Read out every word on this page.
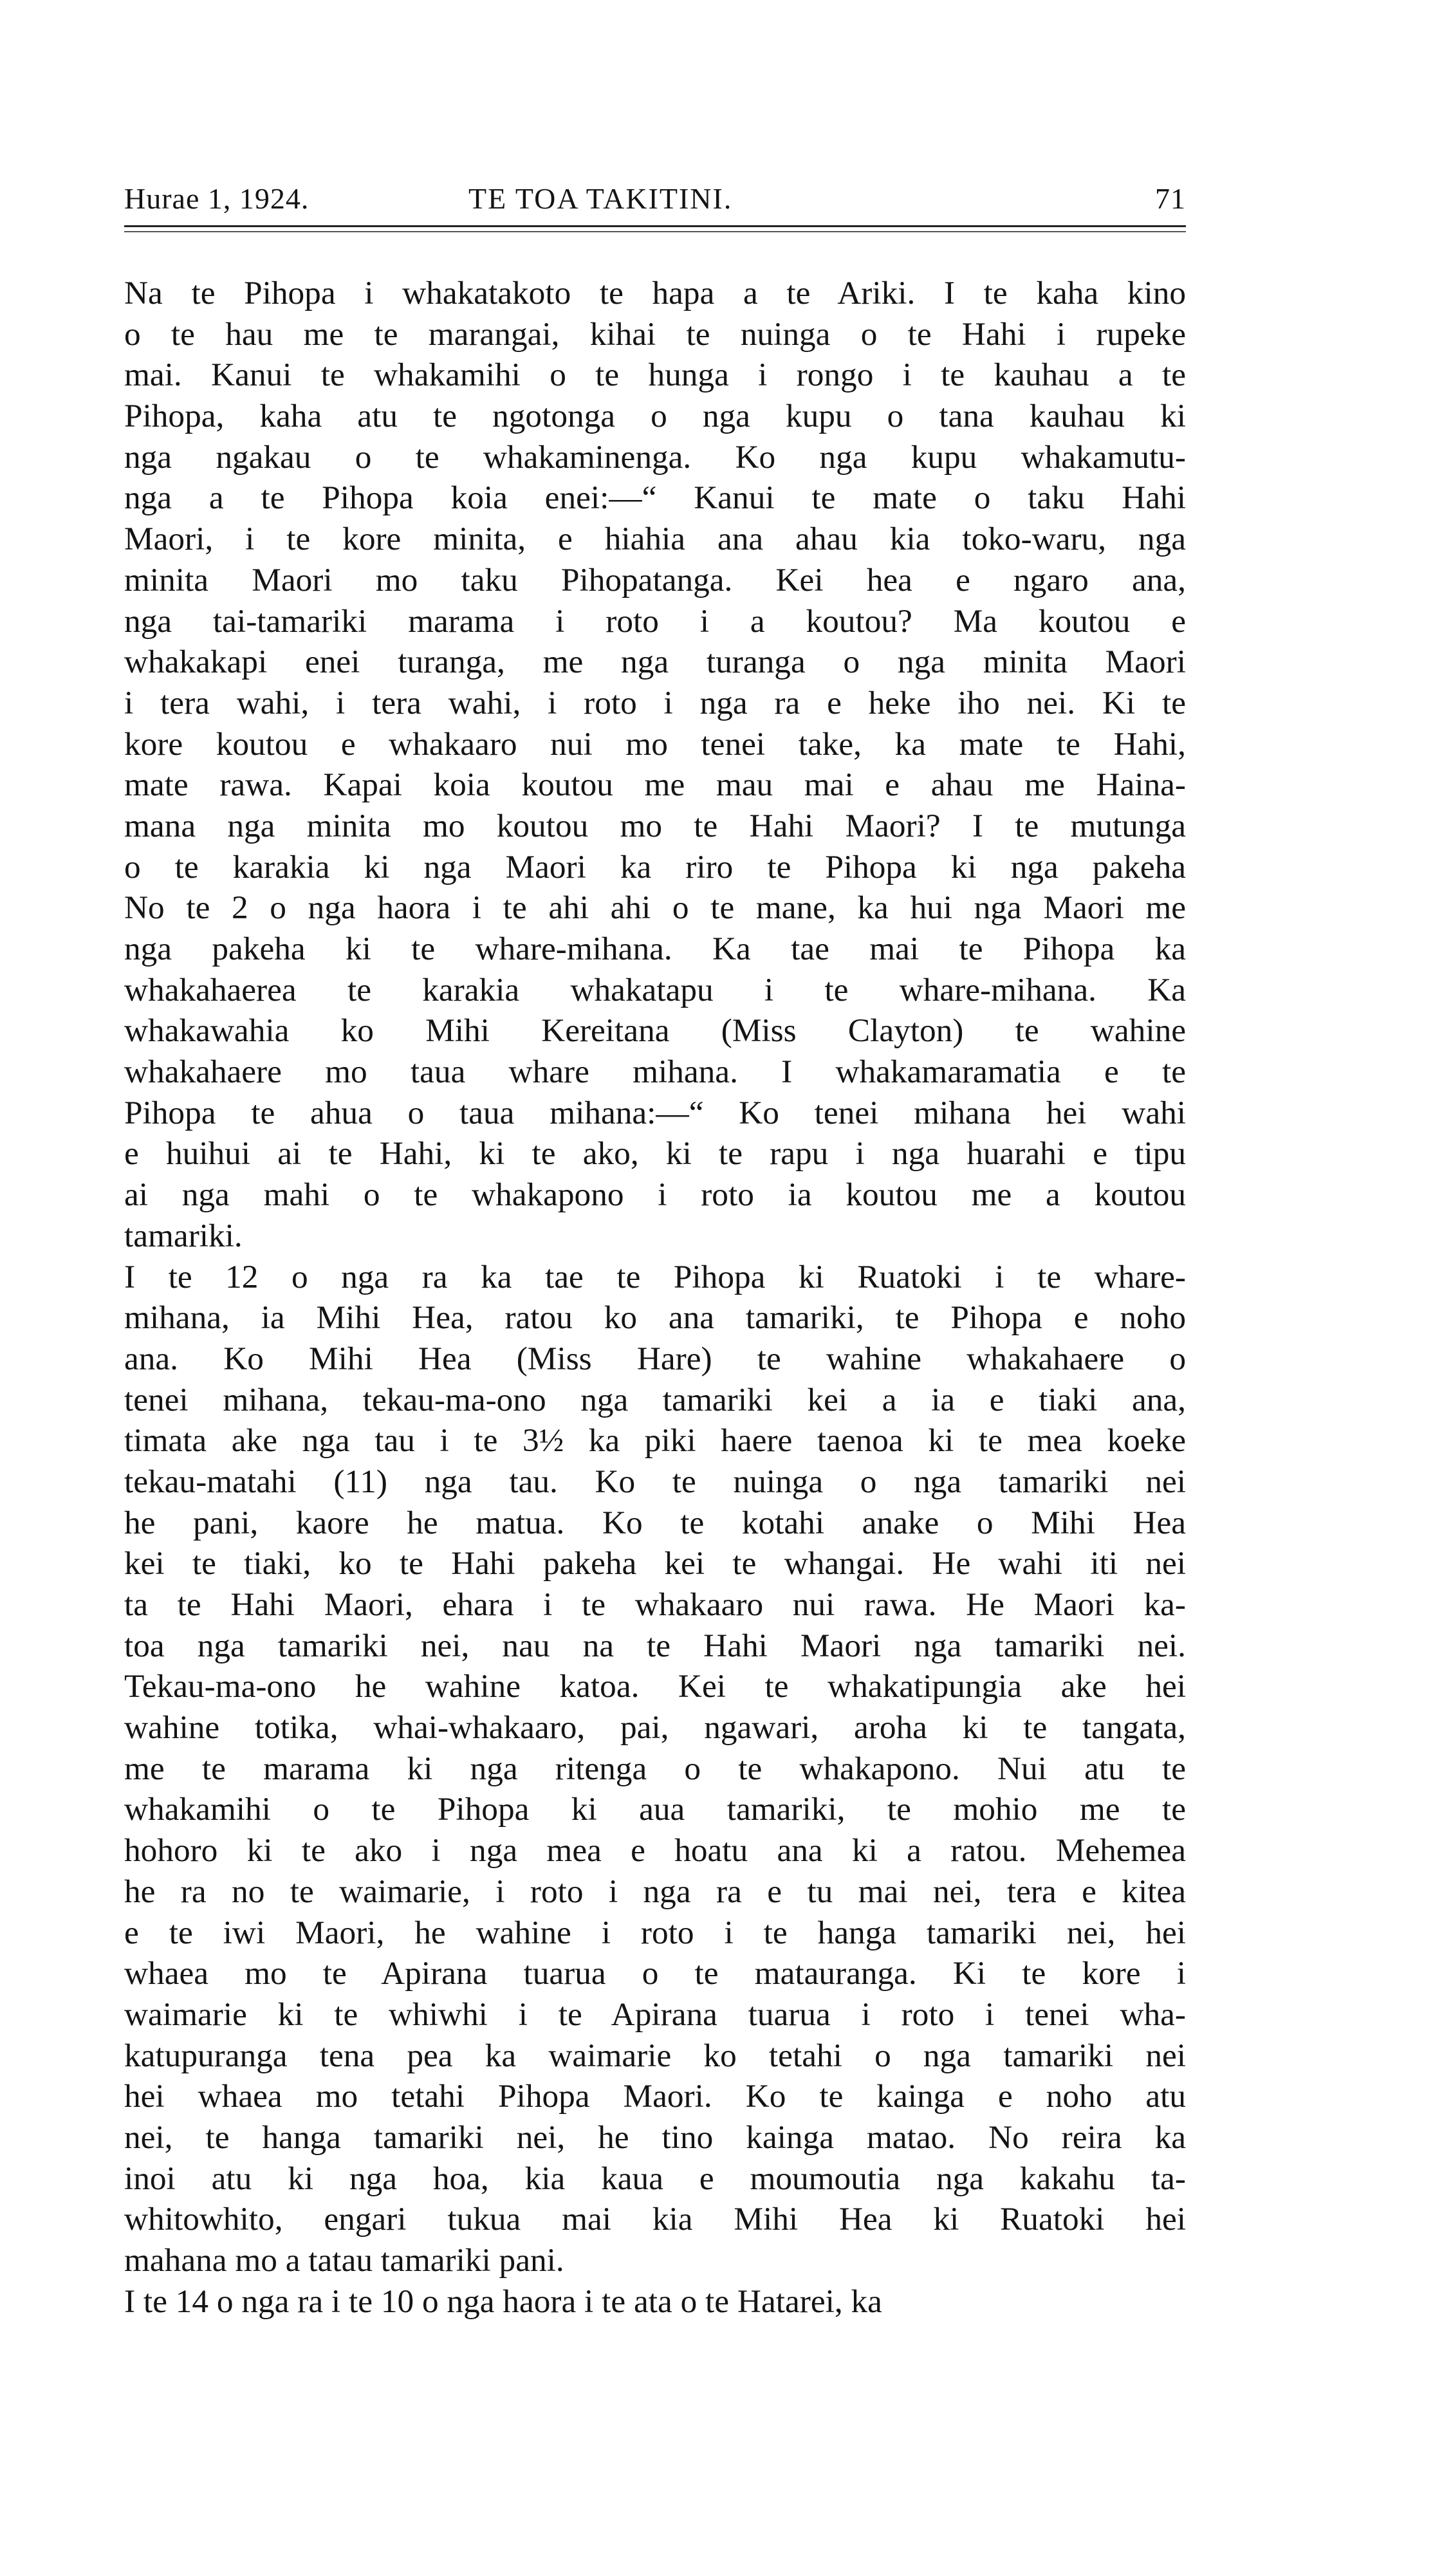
Hurae 1, 1924.	TE TOA TAKITINI.	71
Na te Pihopa i whakatakoto te hapa a te Ariki. I te kaha kino
o te hau me te marangai, kihai te nuinga o te Hahi i rupeke
mai. Kanui te whakamihi o te hunga i rongo i te kauhau a te
Pihopa, kaha atu te ngotonga o nga kupu o tana kauhau ki
nga ngakau o te whakaminenga. Ko nga kupu whakamutu-
nga a te Pihopa koia enei:—“ Kanui te mate o taku Hahi
Maori, i te kore minita, e hiahia ana ahau kia toko-waru, nga
minita Maori mo taku Pihopatanga. Kei hea e ngaro ana,
nga tai-tamariki marama i roto i a koutou? Ma koutou e
whakakapi enei turanga, me nga turanga o nga minita Maori
i tera wahi, i tera wahi, i roto i nga ra e heke iho nei. Ki te
kore koutou e whakaaro nui mo tenei take, ka mate te Hahi,
mate rawa. Kapai koia koutou me mau mai e ahau me Haina-
mana nga minita mo koutou mo te Hahi Maori? I te mutunga
o te karakia ki nga Maori ka riro te Pihopa ki nga pakeha
No te 2 o nga haora i te ahi ahi o te mane, ka hui nga Maori me
nga pakeha ki te whare-mihana. Ka tae mai te Pihopa ka
whakahaerea te karakia whakatapu i te whare-mihana. Ka
whakawahia ko Mihi Kereitana (Miss Clayton) te wahine
whakahaere mo taua whare mihana. I whakamaramatia e te
Pihopa te ahua o taua mihana:—“ Ko tenei mihana hei wahi
e huihui ai te Hahi, ki te ako, ki te rapu i nga huarahi e tipu
ai nga mahi o te whakapono i roto ia koutou me a koutou
tamariki.
I te 12 o nga ra ka tae te Pihopa ki Ruatoki i te whare-
mihana, ia Mihi Hea, ratou ko ana tamariki, te Pihopa e noho
ana. Ko Mihi Hea (Miss Hare) te wahine whakahaere o
tenei mihana, tekau-ma-ono nga tamariki kei a ia e tiaki ana,
timata ake nga tau i te 3½ ka piki haere taenoa ki te mea koeke
tekau-matahi (11) nga tau. Ko te nuinga o nga tamariki nei
he pani, kaore he matua. Ko te kotahi anake o Mihi Hea
kei te tiaki, ko te Hahi pakeha kei te whangai. He wahi iti nei
ta te Hahi Maori, ehara i te whakaaro nui rawa. He Maori ka-
toa nga tamariki nei, nau na te Hahi Maori nga tamariki nei.
Tekau-ma-ono he wahine katoa. Kei te whakatipungia ake hei
wahine totika, whai-whakaaro, pai, ngawari, aroha ki te tangata,
me te marama ki nga ritenga o te whakapono. Nui atu te
whakamihi o te Pihopa ki aua tamariki, te mohio me te
hohoro ki te ako i nga mea e hoatu ana ki a ratou. Mehemea
he ra no te waimarie, i roto i nga ra e tu mai nei, tera e kitea
e te iwi Maori, he wahine i roto i te hanga tamariki nei, hei
whaea mo te Apirana tuarua o te matauranga. Ki te kore i
waimarie ki te whiwhi i te Apirana tuarua i roto i tenei wha-
katupuranga tena pea ka waimarie ko tetahi o nga tamariki nei
hei whaea mo tetahi Pihopa Maori. Ko te kainga e noho atu
nei, te hanga tamariki nei, he tino kainga matao. No reira ka
inoi atu ki nga hoa, kia kaua e moumoutia nga kakahu ta-
whitowhito, engari tukua mai kia Mihi Hea ki Ruatoki hei
mahana mo a tatau tamariki pani.
I te 14 o nga ra i te 10 o nga haora i te ata o te Hatarei, ka
